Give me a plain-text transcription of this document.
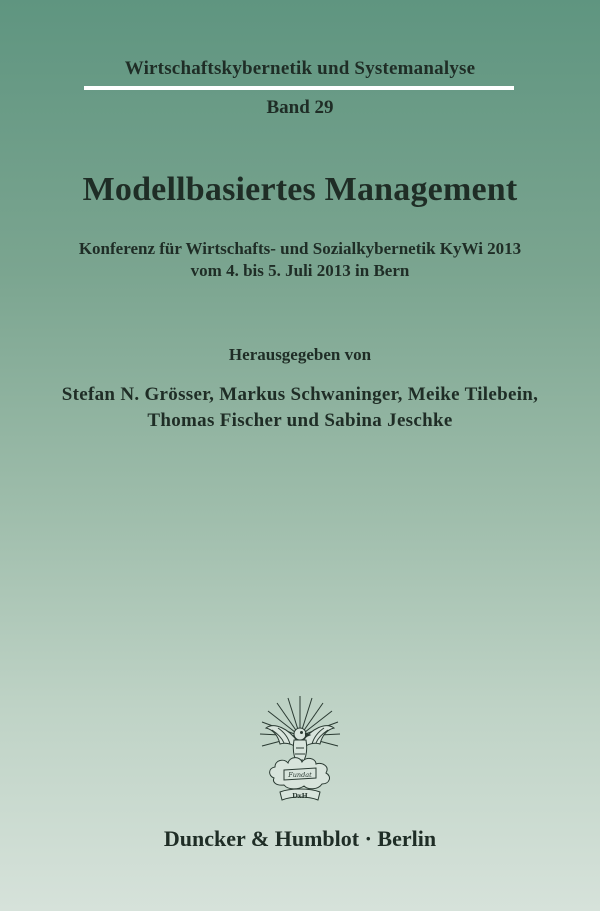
Wirtschaftskybernetik und Systemanalyse
Band 29
Modellbasiertes Management
Konferenz für Wirtschafts- und Sozialkybernetik KyWi 2013
vom 4. bis 5. Juli 2013 in Bern
Herausgegeben von
Stefan N. Grösser, Markus Schwaninger, Meike Tilebein,
Thomas Fischer und Sabina Jeschke
Fundat
DxH
Duncker & Humblot · Berlin
